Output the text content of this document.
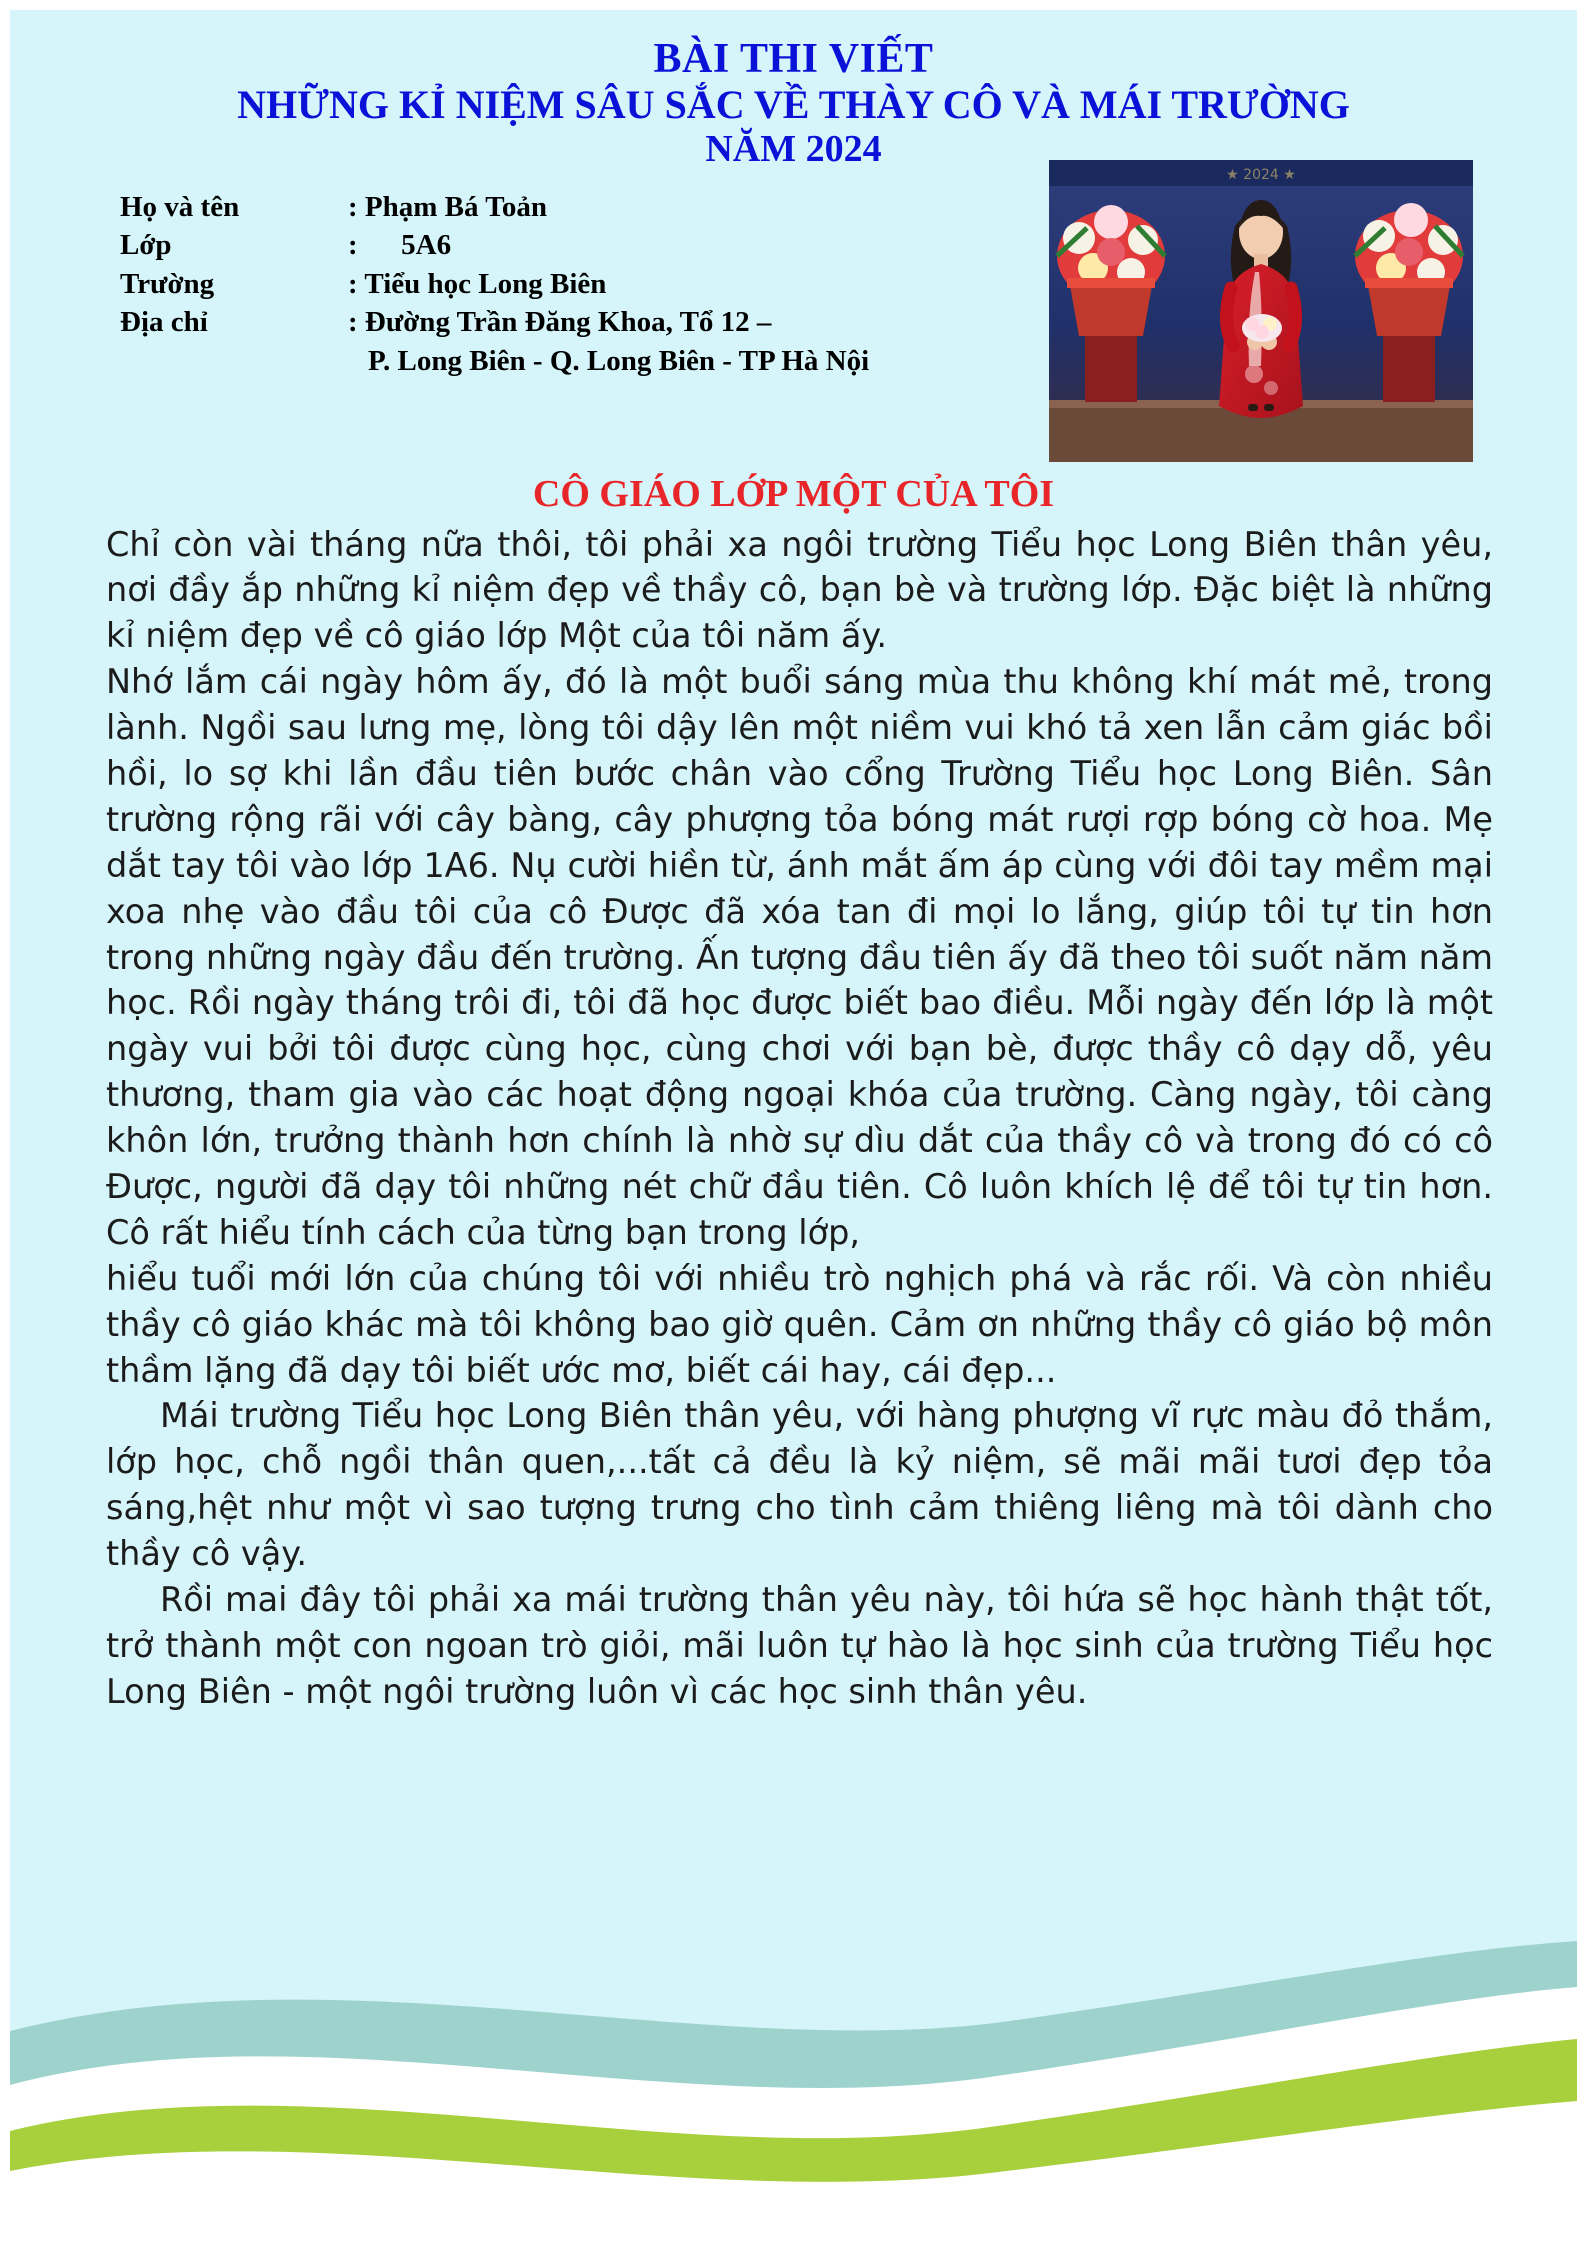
BÀI THI VIẾT
NHỮNG KỈ NIỆM SÂU SẮC VỀ THÀY CÔ VÀ MÁI TRƯỜNG
NĂM 2024
Họ và tên	: Phạm Bá Toản
Lớp	:      5A6
Trường	: Tiểu học Long Biên
Địa chỉ	: Đường Trần Đăng Khoa, Tổ 12 –
P. Long Biên - Q. Long Biên - TP Hà Nội
★ 2024 ★
CÔ GIÁO LỚP MỘT CỦA TÔI

Chỉ còn vài tháng nữa thôi, tôi phải xa ngôi trường Tiểu học Long Biên thân yêu, nơi đầy ắp những kỉ niệm đẹp về thầy cô, bạn bè và trường lớp. Đặc biệt là những kỉ niệm đẹp về cô giáo lớp Một của tôi năm ấy.

Nhớ lắm cái ngày hôm ấy, đó là một buổi sáng mùa thu không khí mát mẻ, trong lành. Ngồi sau lưng mẹ, lòng tôi dậy lên một niềm vui khó tả xen lẫn cảm giác bồi hồi, lo sợ khi lần đầu tiên bước chân vào cổng Trường Tiểu học Long Biên. Sân trường rộng rãi với cây bàng, cây phượng tỏa bóng mát rượi rợp bóng cờ hoa. Mẹ dắt tay tôi vào lớp 1A6. Nụ cười hiền từ, ánh mắt ấm áp cùng với đôi tay mềm mại xoa nhẹ vào đầu tôi của cô Được đã xóa tan đi mọi lo lắng, giúp tôi tự tin hơn trong những ngày đầu đến trường. Ấn tượng đầu tiên ấy đã theo tôi suốt năm năm học. Rồi ngày tháng trôi đi, tôi đã học được biết bao điều. Mỗi ngày đến lớp là một ngày vui bởi tôi được cùng học, cùng chơi với bạn bè, được thầy cô dạy dỗ, yêu thương, tham gia vào các hoạt động ngoại khóa của trường. Càng ngày, tôi càng khôn lớn, trưởng thành hơn chính là nhờ sự dìu dắt của thầy cô và trong đó có cô Được, người đã dạy tôi những nét chữ đầu tiên. Cô luôn khích lệ để tôi tự tin hơn. Cô rất hiểu tính cách của từng bạn trong lớp,

hiểu tuổi mới lớn của chúng tôi với nhiều trò nghịch phá và rắc rối. Và còn nhiều thầy cô giáo khác mà tôi không bao giờ quên. Cảm ơn những thầy cô giáo bộ môn thầm lặng đã dạy tôi biết ước mơ, biết cái hay, cái đẹp...

Mái trường Tiểu học Long Biên thân yêu, với hàng phượng vĩ rực màu đỏ thắm, lớp học, chỗ ngồi thân quen,...tất cả đều là kỷ niệm, sẽ mãi mãi tươi đẹp tỏa sáng,hệt như một vì sao tượng trưng cho tình cảm thiêng liêng mà tôi dành cho thầy cô vậy.

Rồi mai đây tôi phải xa mái trường thân yêu này, tôi hứa sẽ học hành thật tốt, trở thành một con ngoan trò giỏi, mãi luôn tự hào là học sinh của trường Tiểu học Long Biên - một ngôi trường luôn vì các học sinh thân yêu.
